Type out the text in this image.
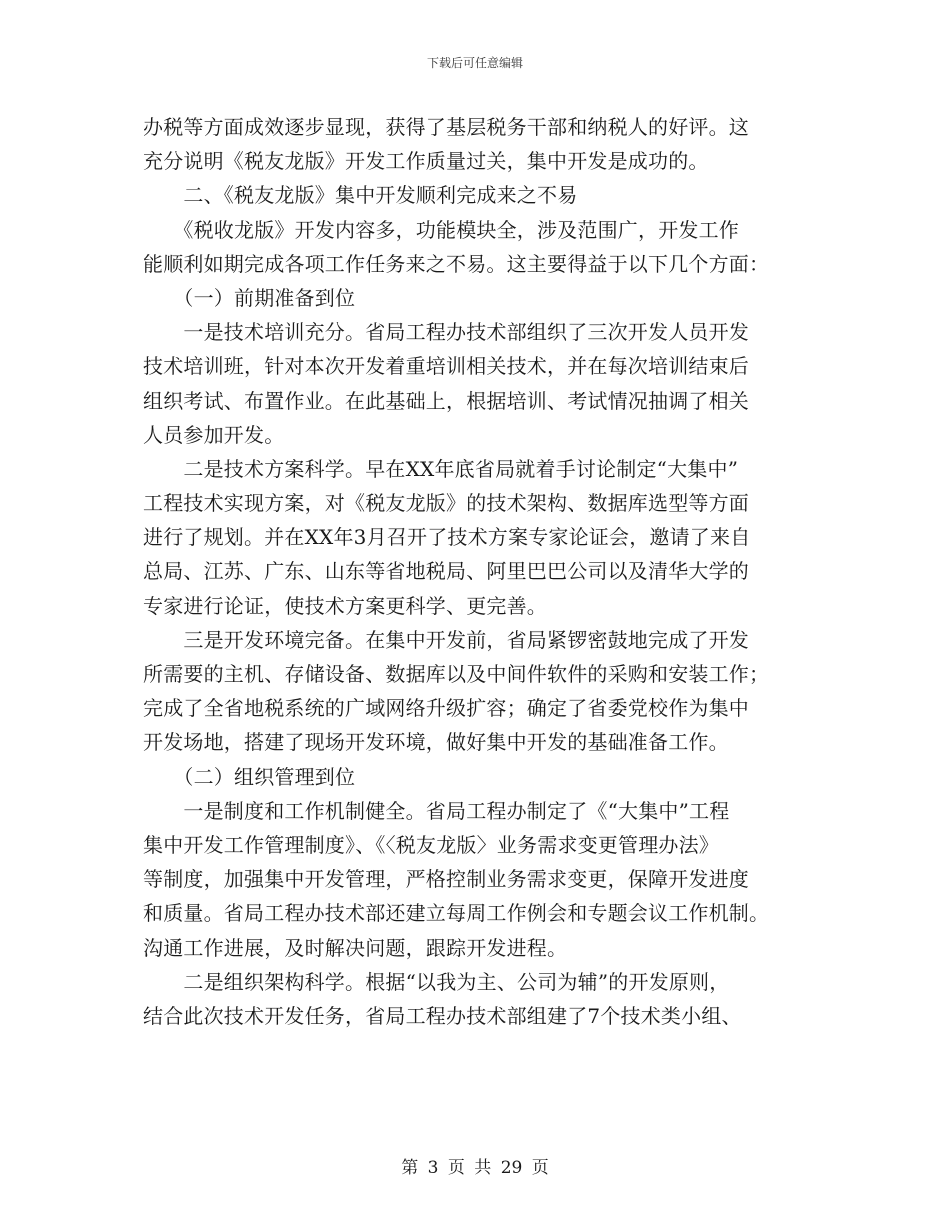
下载后可任意编辑
办税等方面成效逐步显现，获得了基层税务干部和纳税人的好评。这
充分说明《税友龙版》开发工作质量过关，集中开发是成功的。
　　二、《税友龙版》集中开发顺利完成来之不易
　　《税收龙版》开发内容多，功能模块全，涉及范围广，开发工作
能顺利如期完成各项工作任务来之不易。这主要得益于以下几个方面：
　　（一）前期准备到位
　　一是技术培训充分。省局工程办技术部组织了三次开发人员开发
技术培训班，针对本次开发着重培训相关技术，并在每次培训结束后
组织考试、布置作业。在此基础上，根据培训、考试情况抽调了相关
人员参加开发。
　　二是技术方案科学。早在XX年底省局就着手讨论制定“大集中”
工程技术实现方案，对《税友龙版》的技术架构、数据库选型等方面
进行了规划。并在XX年3月召开了技术方案专家论证会，邀请了来自
总局、江苏、广东、山东等省地税局、阿里巴巴公司以及清华大学的
专家进行论证，使技术方案更科学、更完善。
　　三是开发环境完备。在集中开发前，省局紧锣密鼓地完成了开发
所需要的主机、存储设备、数据库以及中间件软件的采购和安装工作；
完成了全省地税系统的广域网络升级扩容；确定了省委党校作为集中
开发场地，搭建了现场开发环境，做好集中开发的基础准备工作。
　　（二）组织管理到位
　　一是制度和工作机制健全。省局工程办制定了《“大集中”工程
集中开发工作管理制度》、《〈税友龙版〉业务需求变更管理办法》
等制度，加强集中开发管理，严格控制业务需求变更，保障开发进度
和质量。省局工程办技术部还建立每周工作例会和专题会议工作机制。
沟通工作进展，及时解决问题，跟踪开发进程。
　　二是组织架构科学。根据“以我为主、公司为辅”的开发原则，
结合此次技术开发任务，省局工程办技术部组建了7个技术类小组、
第 3 页 共 29 页
